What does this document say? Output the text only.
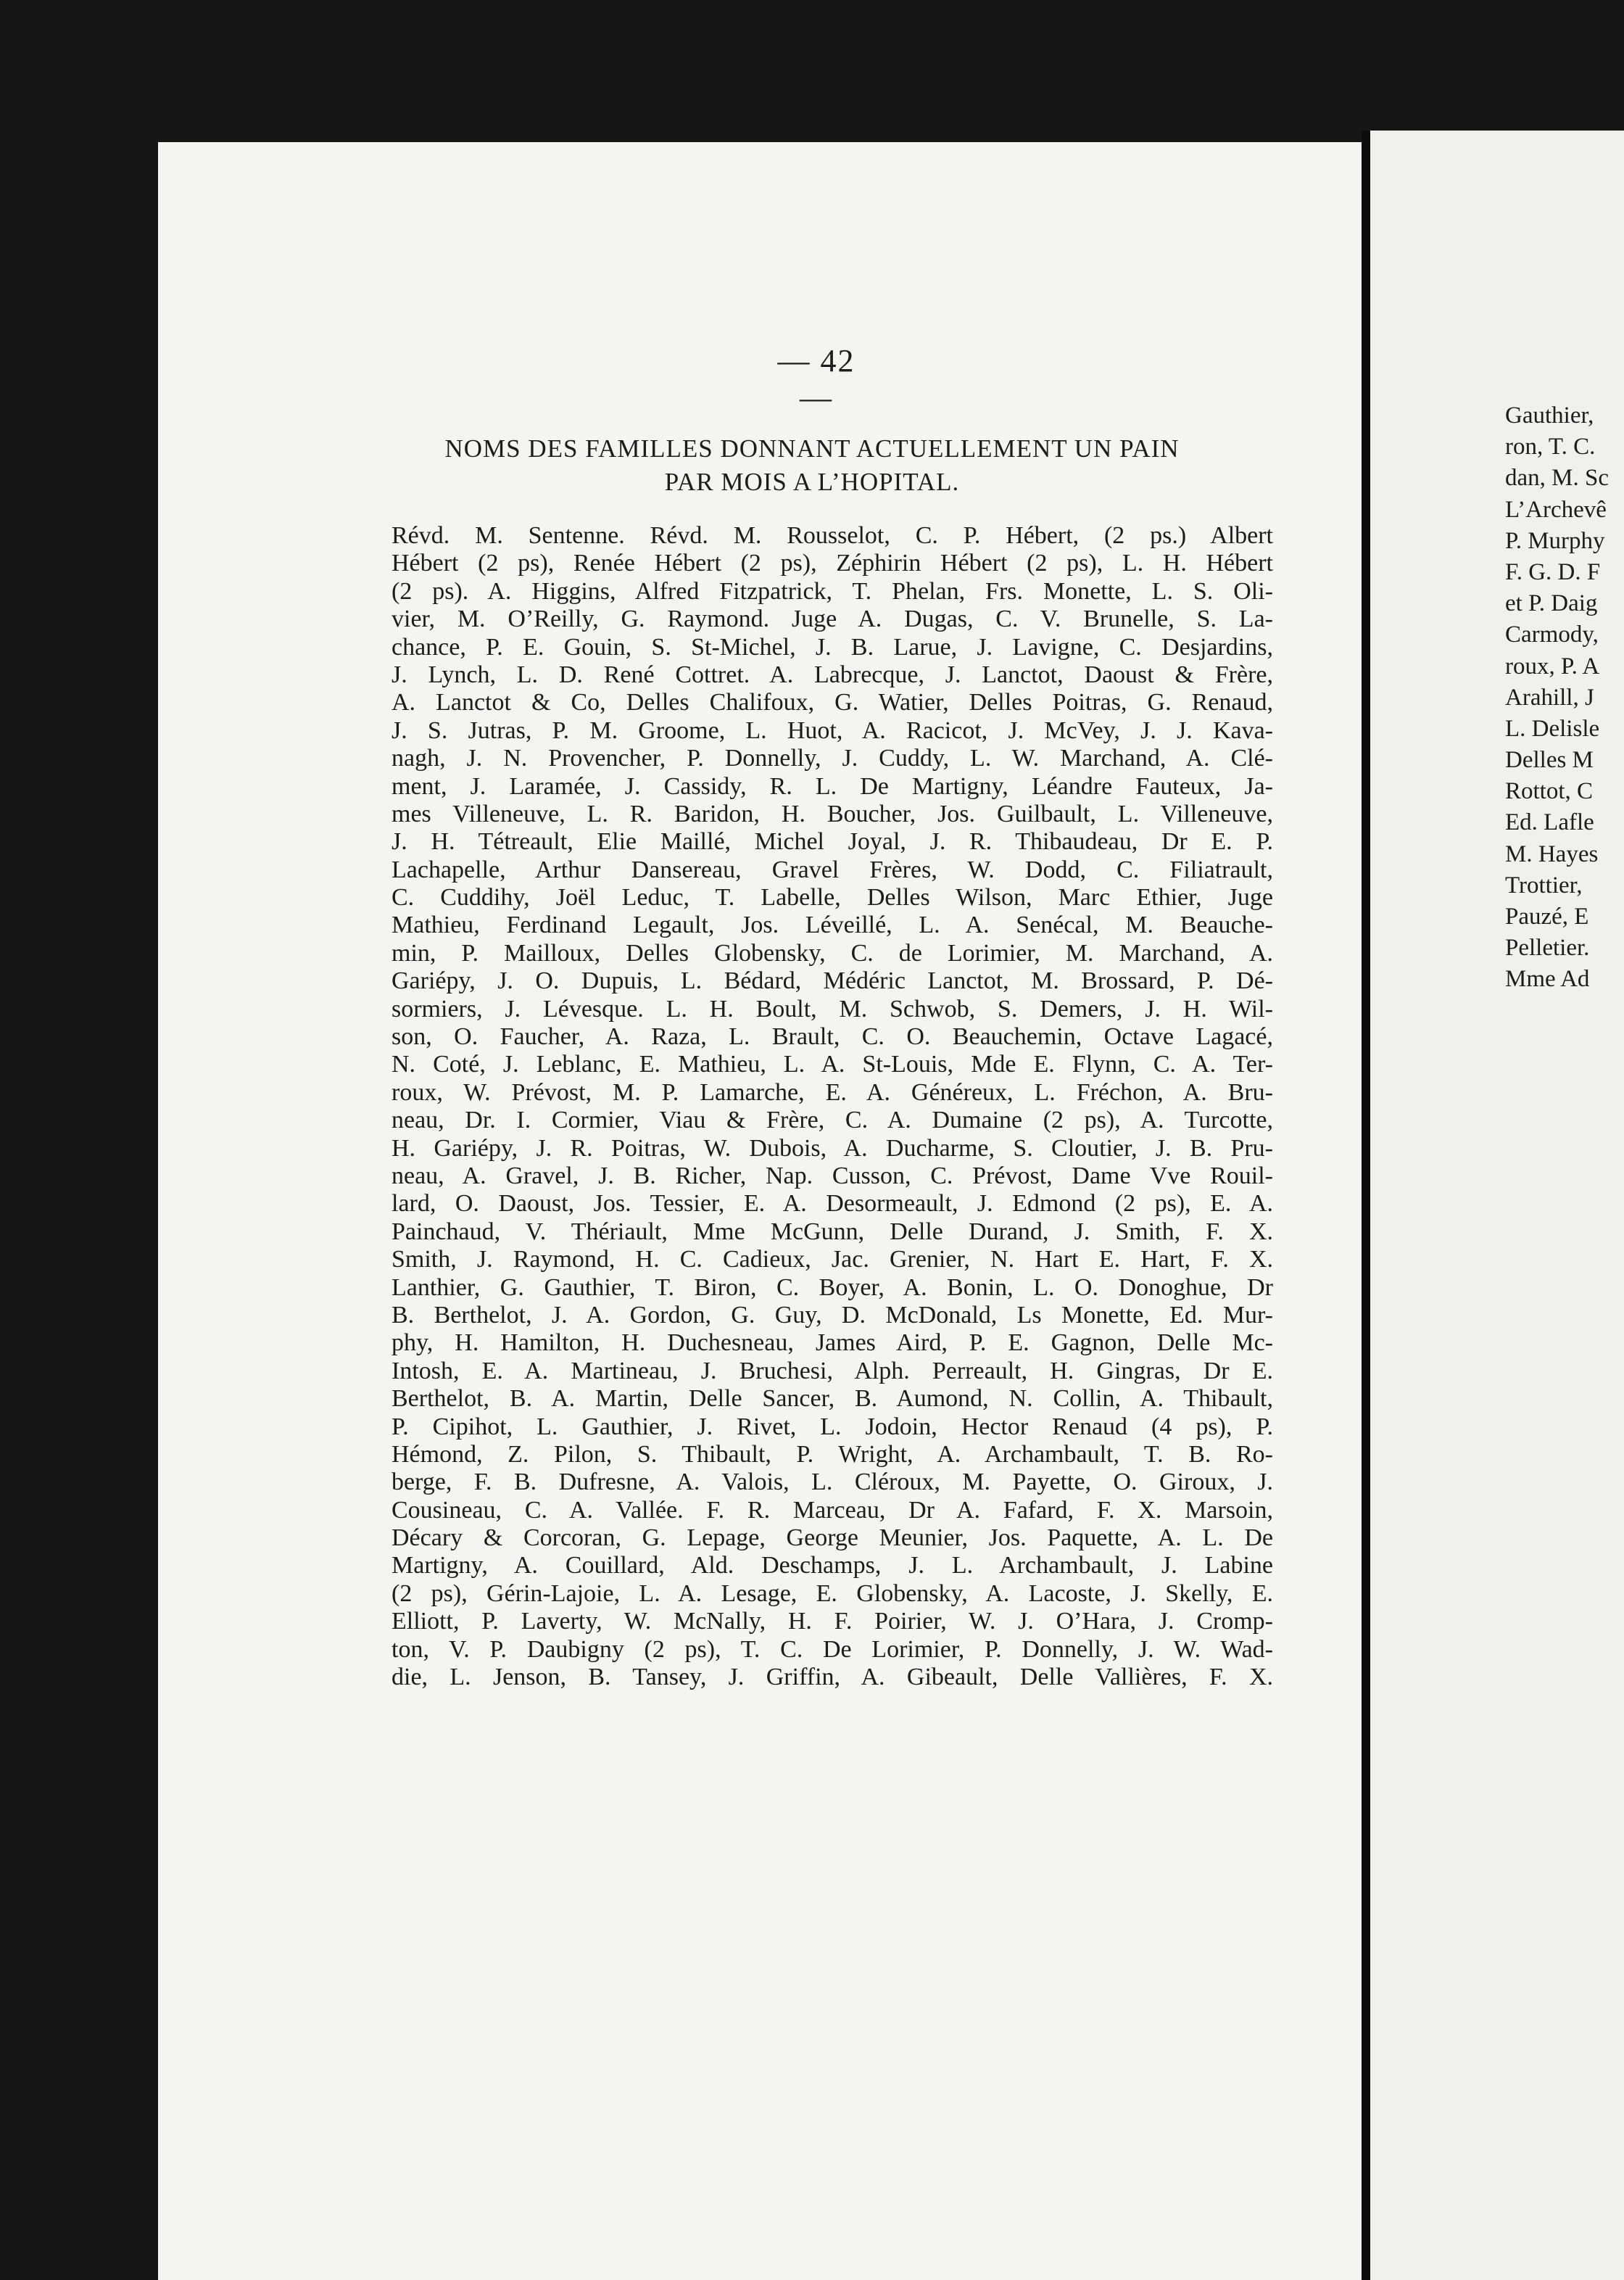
— 42 —
NOMS DES FAMILLES DONNANT ACTUELLEMENT UN PAIN
PAR MOIS A L’HOPITAL.
Révd. M. Sentenne. Révd. M. Rousselot, C. P. Hébert, (2 ps.) Albert
Hébert (2 ps), Renée Hébert (2 ps), Zéphirin Hébert (2 ps), L. H. Hébert
(2 ps). A. Higgins, Alfred Fitzpatrick, T. Phelan, Frs. Monette, L. S. Oli-
vier, M. O’Reilly, G. Raymond. Juge A. Dugas, C. V. Brunelle, S. La-
chance, P. E. Gouin, S. St-Michel, J. B. Larue, J. Lavigne, C. Desjardins,
J. Lynch, L. D. René Cottret. A. Labrecque, J. Lanctot, Daoust & Frère,
A. Lanctot & Co, Delles Chalifoux, G. Watier, Delles Poitras, G. Renaud,
J. S. Jutras, P. M. Groome, L. Huot, A. Racicot, J. McVey, J. J. Kava-
nagh, J. N. Provencher, P. Donnelly, J. Cuddy, L. W. Marchand, A. Clé-
ment, J. Laramée, J. Cassidy, R. L. De Martigny, Léandre Fauteux, Ja-
mes Villeneuve, L. R. Baridon, H. Boucher, Jos. Guilbault, L. Villeneuve,
J. H. Tétreault, Elie Maillé, Michel Joyal, J. R. Thibaudeau, Dr E. P.
Lachapelle, Arthur Dansereau, Gravel Frères, W. Dodd, C. Filiatrault,
C. Cuddihy, Joël Leduc, T. Labelle, Delles Wilson, Marc Ethier, Juge
Mathieu, Ferdinand Legault, Jos. Léveillé, L. A. Senécal, M. Beauche-
min, P. Mailloux, Delles Globensky, C. de Lorimier, M. Marchand, A.
Gariépy, J. O. Dupuis, L. Bédard, Médéric Lanctot, M. Brossard, P. Dé-
sormiers, J. Lévesque. L. H. Boult, M. Schwob, S. Demers, J. H. Wil-
son, O. Faucher, A. Raza, L. Brault, C. O. Beauchemin, Octave Lagacé,
N. Coté, J. Leblanc, E. Mathieu, L. A. St-Louis, Mde E. Flynn, C. A. Ter-
roux, W. Prévost, M. P. Lamarche, E. A. Généreux, L. Fréchon, A. Bru-
neau, Dr. I. Cormier, Viau & Frère, C. A. Dumaine (2 ps), A. Turcotte,
H. Gariépy, J. R. Poitras, W. Dubois, A. Ducharme, S. Cloutier, J. B. Pru-
neau, A. Gravel, J. B. Richer, Nap. Cusson, C. Prévost, Dame Vve Rouil-
lard, O. Daoust, Jos. Tessier, E. A. Desormeault, J. Edmond (2 ps), E. A.
Painchaud, V. Thériault, Mme McGunn, Delle Durand, J. Smith, F. X.
Smith, J. Raymond, H. C. Cadieux, Jac. Grenier, N. Hart E. Hart, F. X.
Lanthier, G. Gauthier, T. Biron, C. Boyer, A. Bonin, L. O. Donoghue, Dr
B. Berthelot, J. A. Gordon, G. Guy, D. McDonald, Ls Monette, Ed. Mur-
phy, H. Hamilton, H. Duchesneau, James Aird, P. E. Gagnon, Delle Mc-
Intosh, E. A. Martineau, J. Bruchesi, Alph. Perreault, H. Gingras, Dr E.
Berthelot, B. A. Martin, Delle Sancer, B. Aumond, N. Collin, A. Thibault,
P. Cipihot, L. Gauthier, J. Rivet, L. Jodoin, Hector Renaud (4 ps), P.
Hémond, Z. Pilon, S. Thibault, P. Wright, A. Archambault, T. B. Ro-
berge, F. B. Dufresne, A. Valois, L. Cléroux, M. Payette, O. Giroux, J.
Cousineau, C. A. Vallée. F. R. Marceau, Dr A. Fafard, F. X. Marsoin,
Décary & Corcoran, G. Lepage, George Meunier, Jos. Paquette, A. L. De
Martigny, A. Couillard, Ald. Deschamps, J. L. Archambault, J. Labine
(2 ps), Gérin-Lajoie, L. A. Lesage, E. Globensky, A. Lacoste, J. Skelly, E.
Elliott, P. Laverty, W. McNally, H. F. Poirier, W. J. O’Hara, J. Cromp-
ton, V. P. Daubigny (2 ps), T. C. De Lorimier, P. Donnelly, J. W. Wad-
die, L. Jenson, B. Tansey, J. Griffin, A. Gibeault, Delle Vallières, F. X.
Gauthier,
ron, T. C.
dan, M. Sc
L’Archevê
P. Murphy
F. G. D. F
et P. Daig
Carmody,
roux, P. A
Arahill, J
L. Delisle
Delles M
Rottot, C
Ed. Lafle
M. Hayes
Trottier,
Pauzé, E
Pelletier.
Mme Ad
